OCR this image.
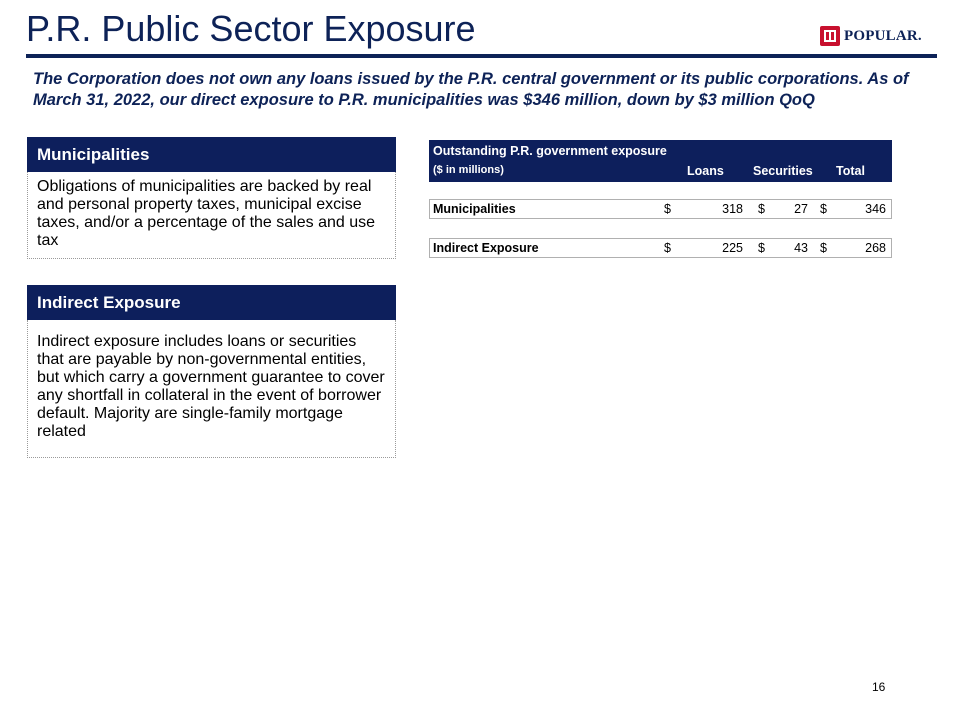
P.R. Public Sector Exposure	POPULAR.

The Corporation does not own any loans issued by the P.R. central government or its public corporations. As of March 31, 2022, our direct exposure to P.R. municipalities was $346 million, down by $3 million QoQ

Municipalities

Obligations of municipalities are backed by real and personal property taxes, municipal excise taxes, and/or a percentage of the sales and use tax

Indirect Exposure

Indirect exposure includes loans or securities that are payable by non-governmental entities, but which carry a government guarantee to cover any shortfall in collateral in the event of borrower default. Majority are single-family mortgage related

Outstanding P.R. government exposure
($ in millions)	Loans Securities Total
Municipalities	$	318 $ 27 $	346
Indirect Exposure	$	225 $ 43 $	268
16
